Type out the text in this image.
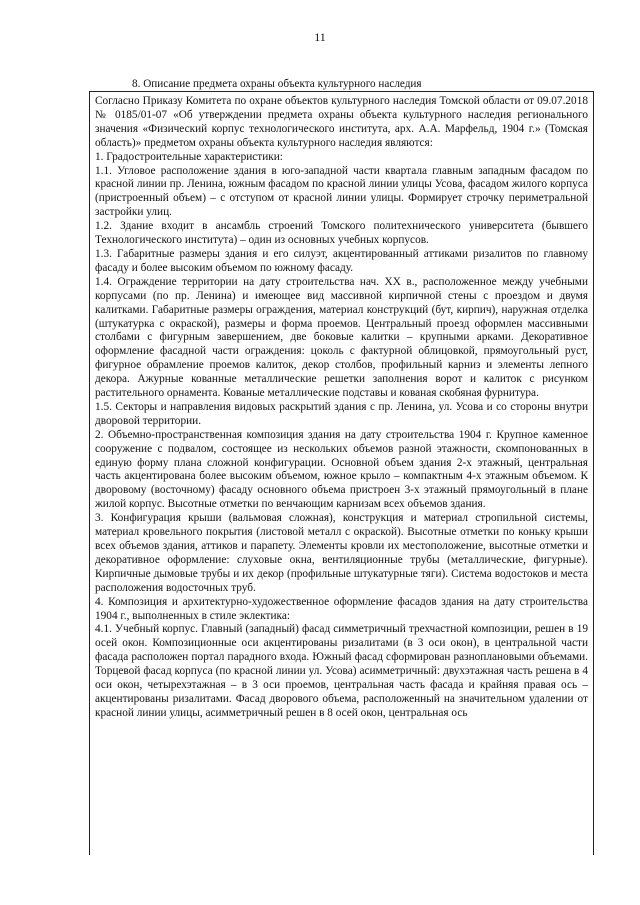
11
8. Описание предмета охраны объекта культурного наследия

Согласно Приказу Комитета по охране объектов культурного наследия Томской области от 09.07.2018 № 0185/01-07 «Об утверждении предмета охраны объекта культурного наследия регионального значения «Физический корпус технологического института, арх. А.А. Марфельд, 1904 г.» (Томская область)» предметом охраны объекта культурного наследия являются:

1. Градостроительные характеристики:

1.1. Угловое расположение здания в юго-западной части квартала главным западным фасадом по красной линии пр. Ленина, южным фасадом по красной линии улицы Усова, фасадом жилого корпуса (пристроенный объем) – с отступом от красной линии улицы. Формирует строчку периметральной застройки улиц.

1.2. Здание входит в ансамбль строений Томского политехнического университета (бывшего Технологического института) – один из основных учебных корпусов.

1.3. Габаритные размеры здания и его силуэт, акцентированный аттиками ризалитов по главному фасаду и более высоким объемом по южному фасаду.

1.4. Ограждение территории на дату строительства нач. XX в., расположенное между учебными корпусами (по пр. Ленина) и имеющее вид массивной кирпичной стены с проездом и двумя калитками. Габаритные размеры ограждения, материал конструкций (бут, кирпич), наружная отделка (штукатурка с окраской), размеры и форма проемов. Центральный проезд оформлен массивными столбами с фигурным завершением, две боковые калитки – крупными арками. Декоративное оформление фасадной части ограждения: цоколь с фактурной облицовкой, прямоугольный руст, фигурное обрамление проемов калиток, декор столбов, профильный карниз и элементы лепного декора. Ажурные кованные металлические решетки заполнения ворот и калиток с рисунком растительного орнамента. Кованые металлические подставы и кованая скобяная фурнитура.

1.5. Секторы и направления видовых раскрытий здания с пр. Ленина, ул. Усова и со стороны внутри дворовой территории.

2. Объемно-пространственная композиция здания на дату строительства 1904 г. Крупное каменное сооружение с подвалом, состоящее из нескольких объемов разной этажности, скомпонованных в единую форму плана сложной конфигурации. Основной объем здания 2-х этажный, центральная часть акцентирована более высоким объемом, южное крыло – компактным 4-х этажным объемом. К дворовому (восточному) фасаду основного объема пристроен 3-х этажный прямоугольный в плане жилой корпус. Высотные отметки по венчающим карнизам всех объемов здания.

3. Конфигурация крыши (вальмовая сложная), конструкция и материал стропильной системы, материал кровельного покрытия (листовой металл с окраской). Высотные отметки по коньку крыши всех объемов здания, аттиков и парапету. Элементы кровли их местоположение, высотные отметки и декоративное оформление: слуховые окна, вентиляционные трубы (металлические, фигурные). Кирпичные дымовые трубы и их декор (профильные штукатурные тяги). Система водостоков и места расположения водосточных труб.

4. Композиция и архитектурно-художественное оформление фасадов здания на дату строительства 1904 г., выполненных в стиле эклектика:

4.1. Учебный корпус. Главный (западный) фасад симметричный трехчастной композиции, решен в 19 осей окон. Композиционные оси акцентированы ризалитами (в 3 оси окон), в центральной части фасада расположен портал парадного входа. Южный фасад сформирован разноплановыми объемами. Торцевой фасад корпуса (по красной линии ул. Усова) асимметричный: двухэтажная часть решена в 4 оси окон, четырехэтажная – в 3 оси проемов, центральная часть фасада и крайняя правая ось – акцентированы ризалитами. Фасад дворового объема, расположенный на значительном удалении от красной линии улицы, асимметричный решен в 8 осей окон, центральная ось
